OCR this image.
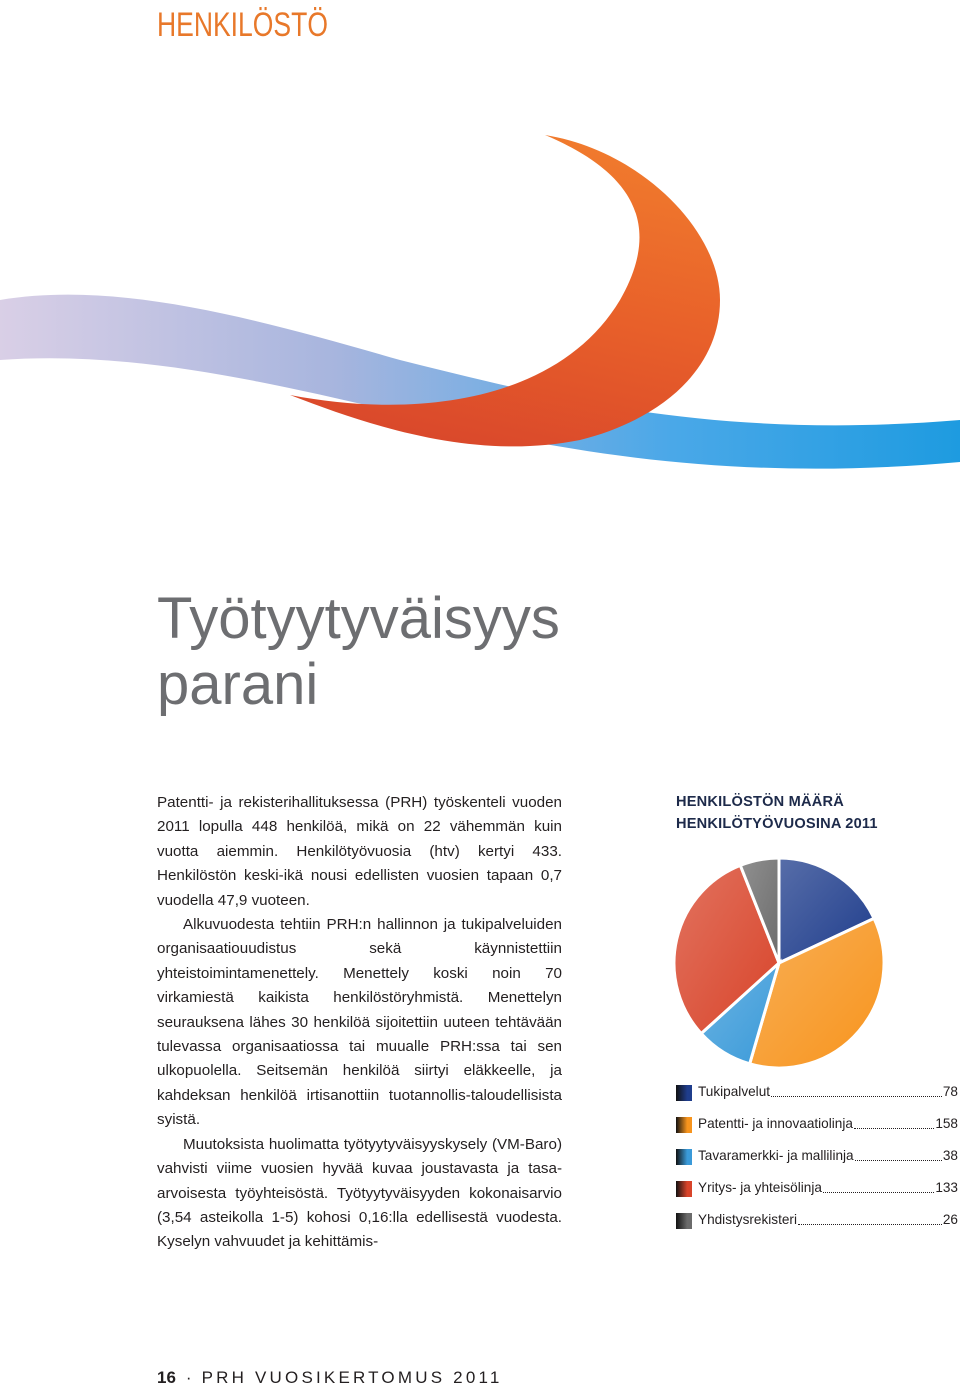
HENKILÖSTÖ
Työtyytyväisyys
parani

Patentti- ja rekisterihallituksessa (PRH) työskenteli vuoden 2011 lopulla 448 henkilöä, mikä on 22 vähemmän kuin vuotta aiemmin. Henkilötyövuosia (htv) kertyi 433. Henkilöstön keski-ikä nousi edellisten vuosien tapaan 0,7 vuodella 47,9 vuoteen.

Alkuvuodesta tehtiin PRH:n hallinnon ja tukipalveluiden organisaatiouudistus sekä käynnistettiin yhteistoimintamenettely. Menettely koski noin 70 virkamiestä kaikista henkilöstöryhmistä. Menettelyn seurauksena lähes 30 henkilöä sijoitettiin uuteen tehtävään tulevassa organisaatiossa tai muualle PRH:ssa tai sen ulkopuolella. Seitsemän henkilöä siirtyi eläkkeelle, ja kahdeksan henkilöä irtisanottiin tuotannollis-taloudellisista syistä.

Muutoksista huolimatta työtyytyväisyyskysely (VM-Baro) vahvisti viime vuosien hyvää kuvaa joustavasta ja tasa-arvoisesta työyhteisöstä. Työtyytyväisyyden kokonaisarvio (3,54 asteikolla 1-5) kohosi 0,16:lla edellisestä vuodesta. Kyselyn vahvuudet ja kehittämis-

HENKILÖSTÖN MÄÄRÄ
HENKILÖTYÖVUOSINA 2011
Tukipalvelut	78
Patentti- ja innovaatiolinja	158
Tavaramerkki- ja mallilinja	38
Yritys- ja yhteisölinja	133
Yhdistysrekisteri	26
16 · PRH VUOSIKERTOMUS 2011
